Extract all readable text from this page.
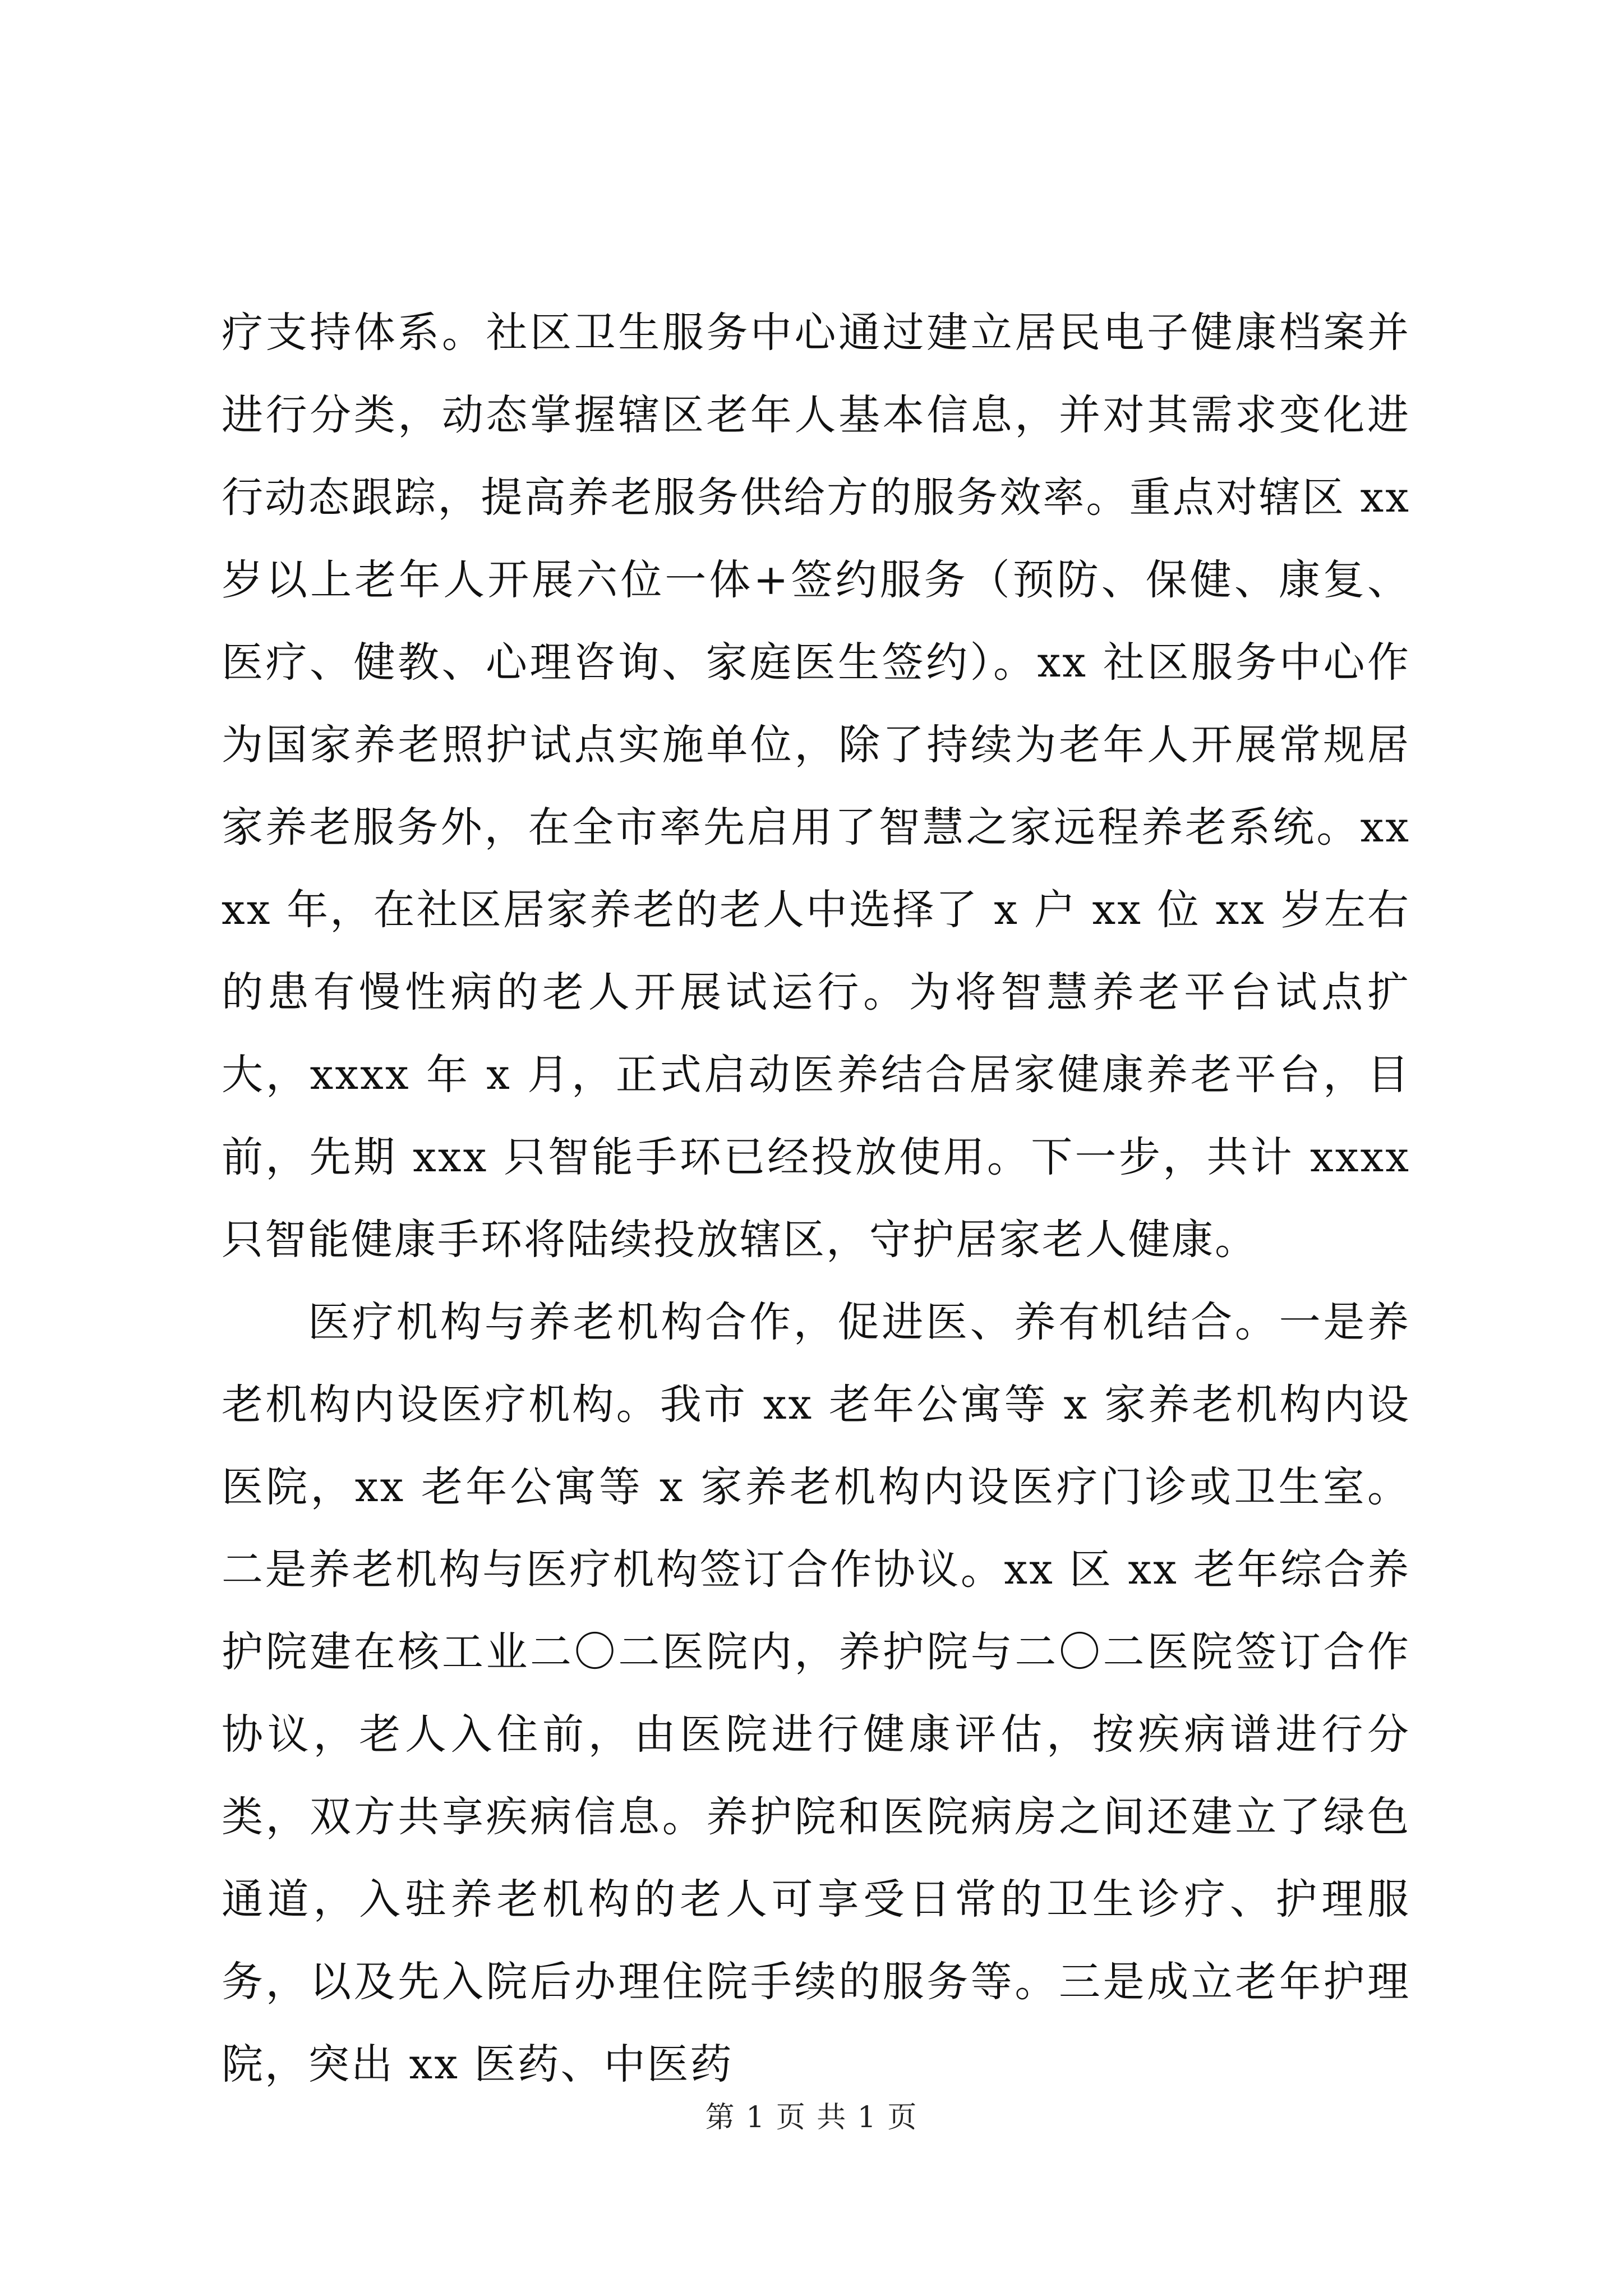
疗支持体系。社区卫生服务中心通过建立居民电子健康档案并进行分类，动态掌握辖区老年人基本信息，并对其需求变化进行动态跟踪，提高养老服务供给方的服务效率。重点对辖区 xx 岁以上老年人开展六位一体+签约服务（预防、保健、康复、医疗、健教、心理咨询、家庭医生签约）。xx 社区服务中心作为国家养老照护试点实施单位，除了持续为老年人开展常规居家养老服务外，在全市率先启用了智慧之家远程养老系统。xxxx 年，在社区居家养老的老人中选择了 x 户 xx 位 xx 岁左右的患有慢性病的老人开展试运行。为将智慧养老平台试点扩大，xxxx 年 x 月，正式启动医养结合居家健康养老平台，目前，先期 xxx 只智能手环已经投放使用。下一步，共计 xxxx 只智能健康手环将陆续投放辖区，守护居家老人健康。

医疗机构与养老机构合作，促进医、养有机结合。一是养老机构内设医疗机构。我市 xx 老年公寓等 x 家养老机构内设医院，xx 老年公寓等 x 家养老机构内设医疗门诊或卫生室。二是养老机构与医疗机构签订合作协议。xx 区 xx 老年综合养护院建在核工业二〇二医院内，养护院与二〇二医院签订合作协议，老人入住前，由医院进行健康评估，按疾病谱进行分类，双方共享疾病信息。养护院和医院病房之间还建立了绿色通道，入驻养老机构的老人可享受日常的卫生诊疗、护理服务，以及先入院后办理住院手续的服务等。三是成立老年护理院，突出 xx 医药、中医药

第 1 页 共 1 页
